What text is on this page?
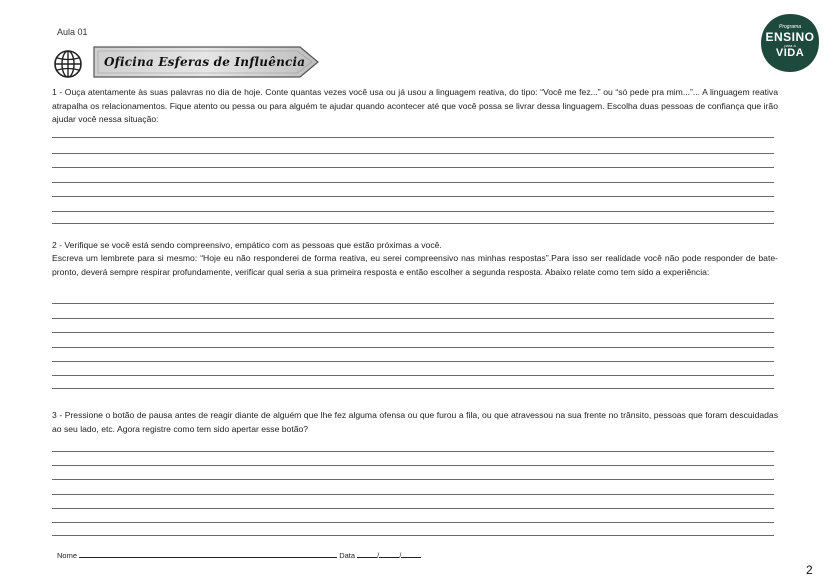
Aula 01
Oficina Esferas de Influência
Programa
ENSINO
para a
VIDA
1 - Ouça atentamente às suas palavras no dia de hoje. Conte quantas vezes você usa ou já usou a linguagem reativa, do tipo: “Você me fez...” ou “só pede pra mim...”... A linguagem reativa atrapalha os relacionamentos. Fique atento ou pessa ou para alguém te ajudar quando acontecer até que você possa se livrar dessa linguagem. Escolha duas pessoas de confiança que irão ajudar você nessa situação:
2 - Verifique se você está sendo compreensivo, empático com as pessoas que estão próximas a você.
Escreva um lembrete para si mesmo: “Hoje eu não responderei de forma reativa, eu serei compreensivo nas minhas respostas”.Para isso ser realidade você não pode responder de bate-pronto, deverá sempre respirar profundamente, verificar qual seria a sua primeira resposta e então escolher a segunda resposta. Abaixo relate como tem sido a experiência:
3 - Pressione o botão de pausa antes de reagir diante de alguém que lhe fez alguma ofensa ou que furou a fila, ou que atravessou na sua frente no trânsito, pessoas que foram descuidadas ao seu lado, etc. Agora registre como tem sido apertar esse botão?
Nome	Data	/	/
2
